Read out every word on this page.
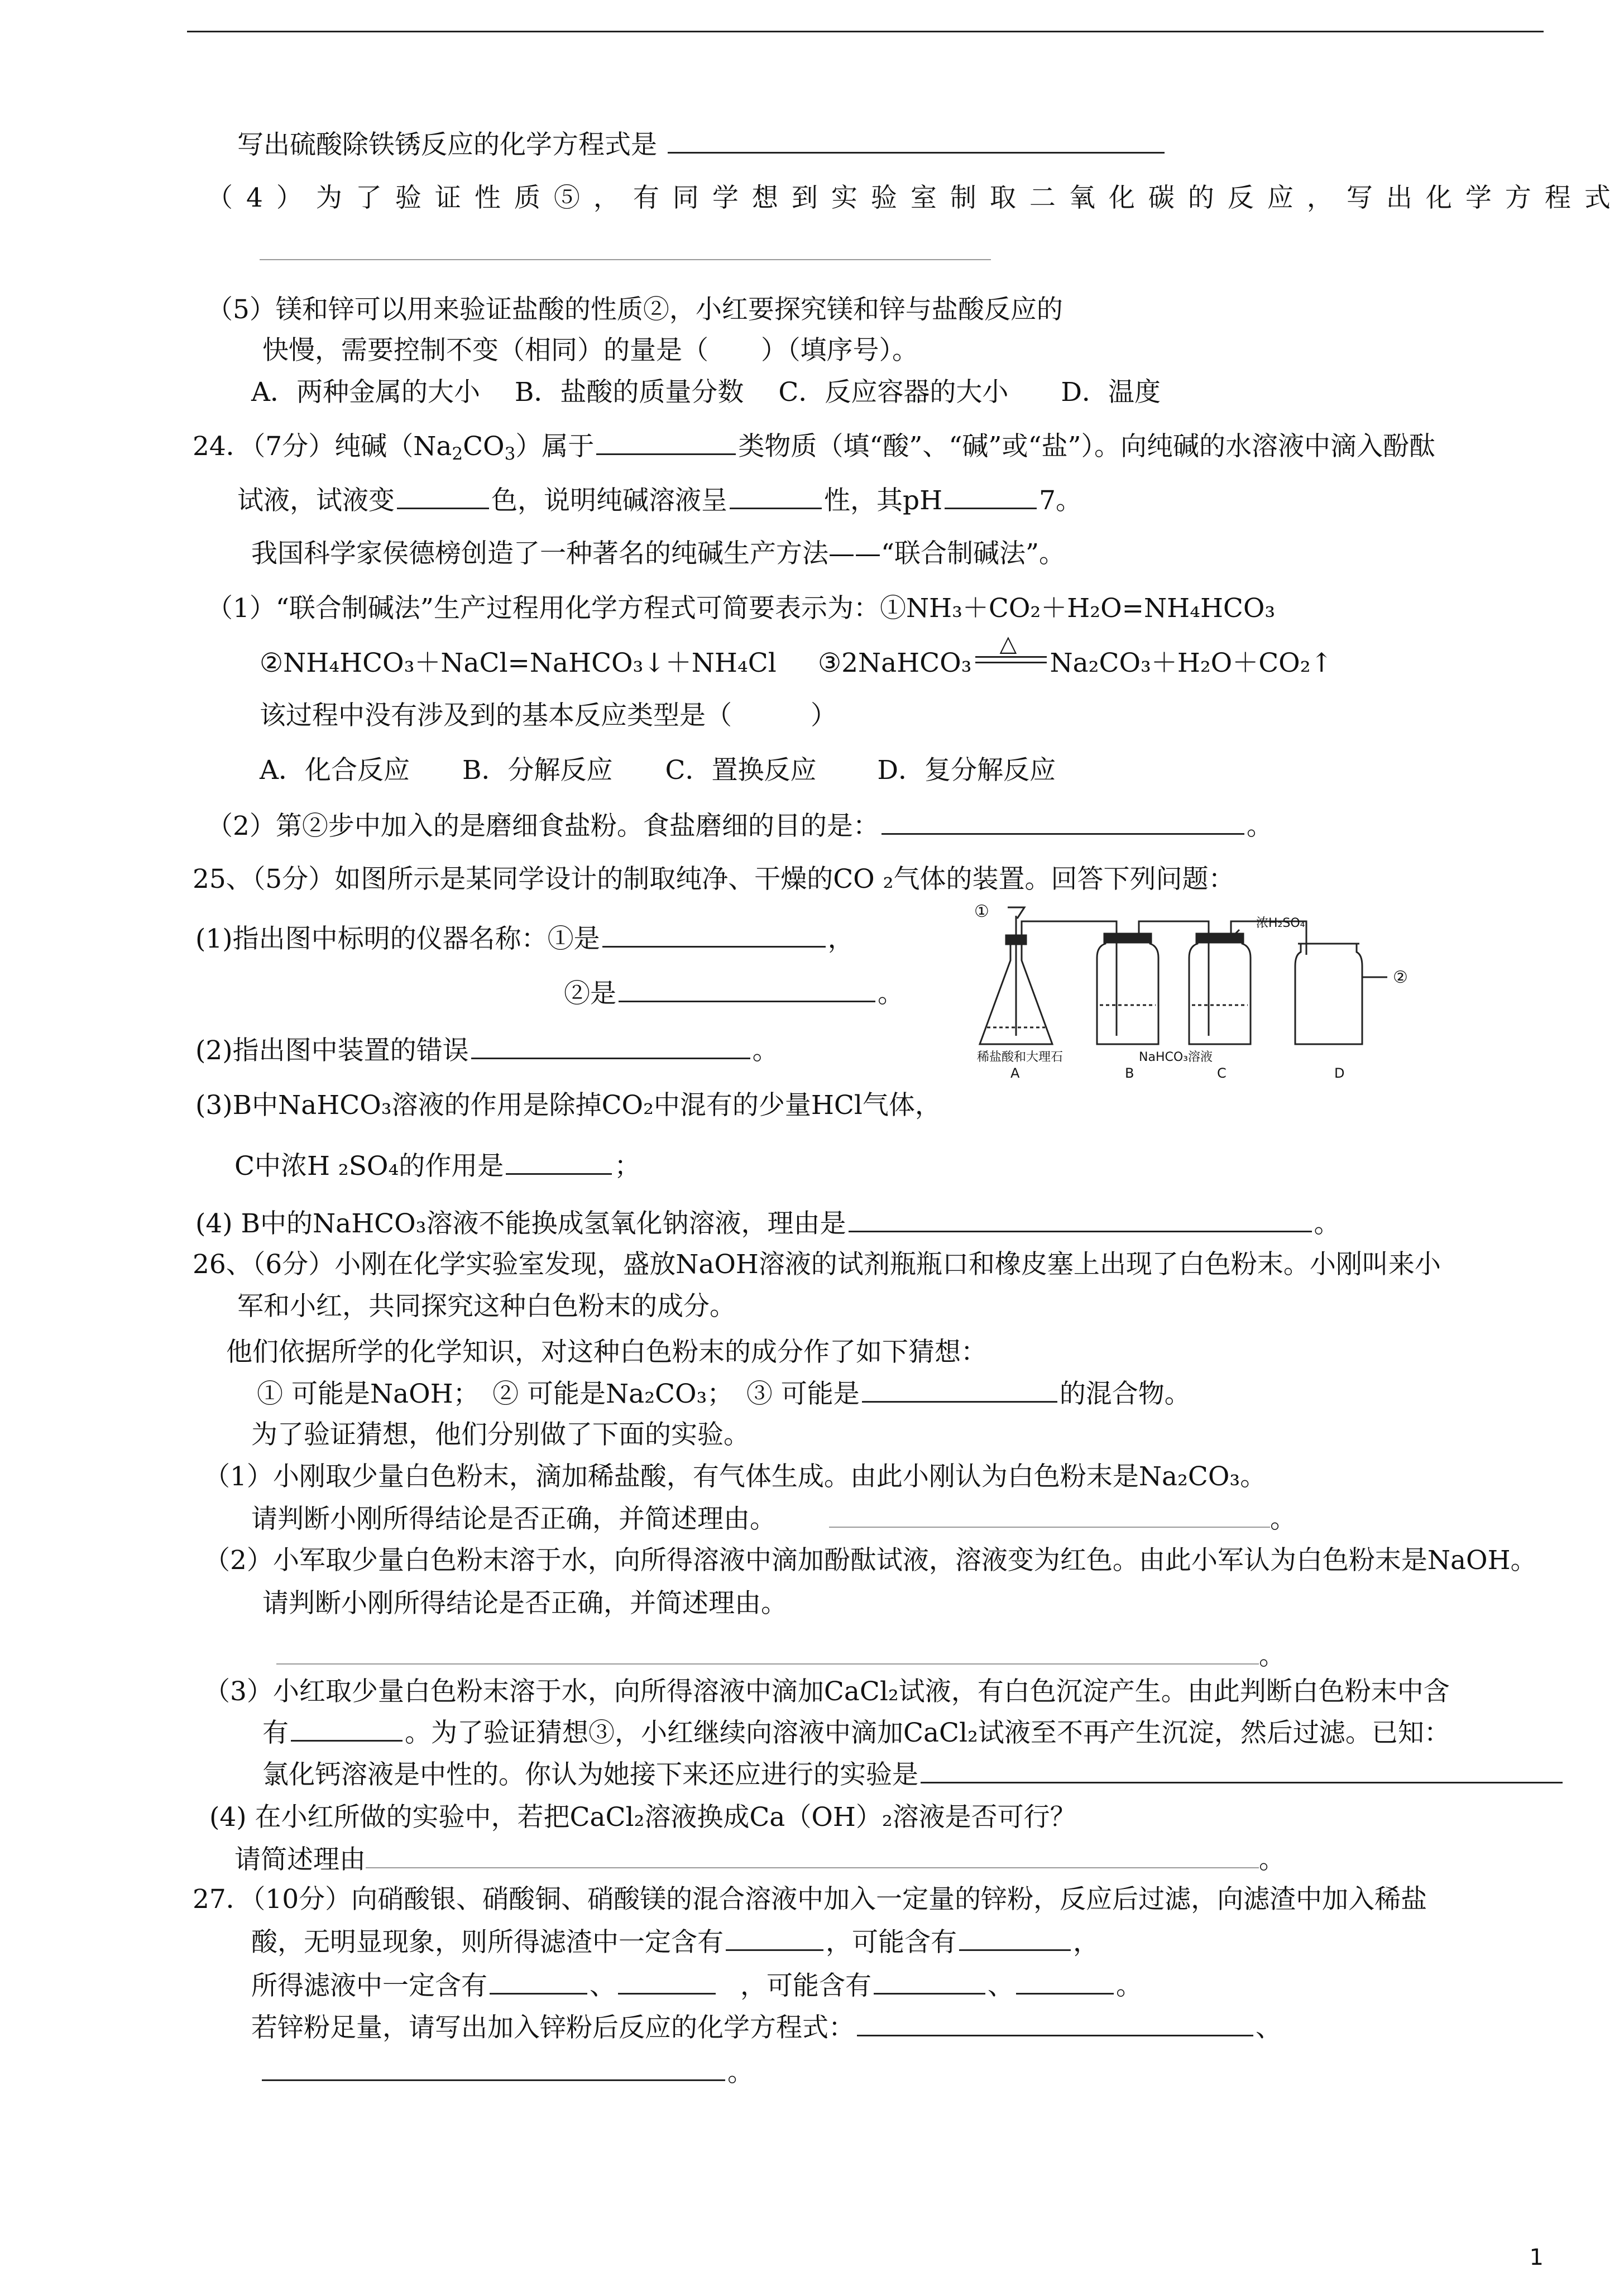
写出硫酸除铁锈反应的化学方程式是
（4）为了验证性质⑤，有同学想到实验室制取二氧化碳的反应，写出化学方程式
（5）镁和锌可以用来验证盐酸的性质②，小红要探究镁和锌与盐酸反应的
快慢，需要控制不变（相同）的量是（　　）（填序号）。
A．两种金属的大小　 B．盐酸的质量分数　 C．反应容器的大小　　D．温度
24．（7分）纯碱$(Na_2CO_3)$属于	类物质（填“酸”、“碱”或“盐”）。向纯碱的水溶液中滴入酚酞
试液，试液变	色，说明纯碱溶液呈	性，其pH	7。
我国科学家侯德榜创造了一种著名的纯碱生产方法——“联合制碱法”。
（1）“联合制碱法”生产过程用化学方程式可简要表示为：①NH₃＋CO₂＋H₂O=NH₄HCO₃
②NH₄HCO₃＋NaCl=NaHCO₃↓＋NH₄Cl ③2NaHCO₃
△
Na₂CO₃＋H₂O＋CO₂↑
该过程中没有涉及到的基本反应类型是（　　　）
A．化合反应　　B．分解反应　　C．置换反应　　 D．复分解反应
（2）第②步中加入的是磨细食盐粉。食盐磨细的目的是：	。
25、（5分）如图所示是某同学设计的制取纯净、干燥的CO ₂气体的装置。回答下列问题：
(1)指出图中标明的仪器名称：①是	，
②是	。
(2)指出图中装置的错误	。
(3)B中NaHCO₃溶液的作用是除掉CO₂中混有的少量HCl气体，
C中浓H ₂SO₄的作用是	；
(4) B中的NaHCO₃溶液不能换成氢氧化钠溶液，理由是	。
①
②
浓H₂SO₄
稀盐酸和大理石	NaHCO₃溶液
A	B	C	D
26、（6分）小刚在化学实验室发现，盛放NaOH溶液的试剂瓶瓶口和橡皮塞上出现了白色粉末。小刚叫来小
军和小红，共同探究这种白色粉末的成分。
他们依据所学的化学知识，对这种白色粉末的成分作了如下猜想：
① 可能是NaOH；　② 可能是Na₂CO₃；　③ 可能是	的混合物。
为了验证猜想，他们分别做了下面的实验。
（1）小刚取少量白色粉末，滴加稀盐酸，有气体生成。由此小刚认为白色粉末是Na₂CO₃。
请判断小刚所得结论是否正确，并简述理由。	。
（2）小军取少量白色粉末溶于水，向所得溶液中滴加酚酞试液，溶液变为红色。由此小军认为白色粉末是NaOH。
请判断小刚所得结论是否正确，并简述理由。
。
（3）小红取少量白色粉末溶于水，向所得溶液中滴加CaCl₂试液，有白色沉淀产生。由此判断白色粉末中含
有	。为了验证猜想③，小红继续向溶液中滴加CaCl₂试液至不再产生沉淀，然后过滤。已知：
氯化钙溶液是中性的。你认为她接下来还应进行的实验是
(4) 在小红所做的实验中，若把CaCl₂溶液换成Ca（OH）₂溶液是否可行？
请简述理由	。
27．（10分）向硝酸银、硝酸铜、硝酸镁的混合溶液中加入一定量的锌粉，反应后过滤，向滤渣中加入稀盐
酸，无明显现象，则所得滤渣中一定含有	，可能含有	，
所得滤液中一定含有	、	，可能含有	、	。
若锌粉足量，请写出加入锌粉后反应的化学方程式：	、
。
1
